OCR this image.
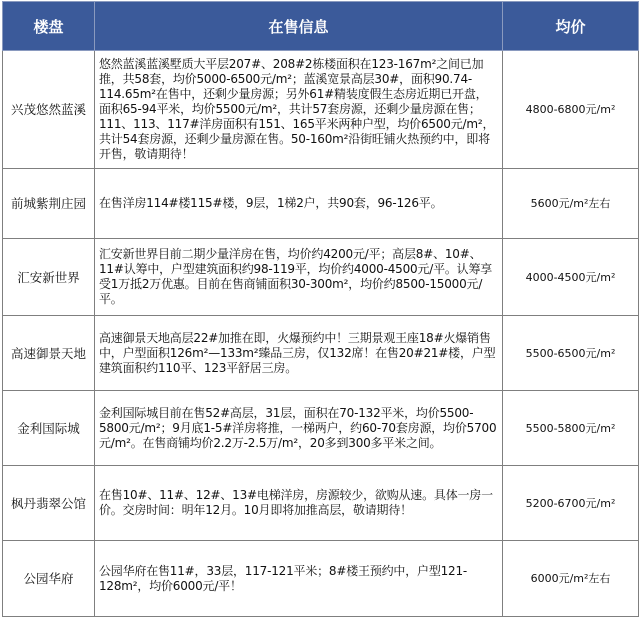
楼盘	在售信息	均价
兴茂悠然蓝溪	悠然蓝溪蓝溪墅质大平层207#、208#2栋楼面积在123-167m²之间已加推，共58套，均价5000-6500元/m²；蓝溪宽景高层30#，面积90.74-114.65m²在售中，还剩少量房源；另外61#精装度假生态房近期已开盘，面积65-94平米，均价5500元/m²，共计57套房源，还剩少量房源在售；111、113、117#洋房面积有151、165平米两种户型，均价6500元/m²，共计54套房源，还剩少量房源在售。50-160m²沿街旺铺火热预约中，即将开售，敬请期待！	4800-6800元/m²
前城紫荆庄园	在售洋房114#楼115#楼，9层，1梯2户，共90套，96-126平。	5600元/m²左右
汇安新世界	汇安新世界目前二期少量洋房在售，均价约4200元/平；高层8#、10#、11#认筹中，户型建筑面积约98-119平，均价约4000-4500元/平。认筹享受1万抵2万优惠。目前在售商铺面积30-300m²，均价约8500-15000元/平。	4000-4500元/m²
高速御景天地	高速御景天地高层22#加推在即，火爆预约中！三期景观王座18#火爆销售中，户型面积126m²—133m²臻品三房，仅132席！在售20#21#楼，户型建筑面积约110平、123平舒居三房。	5500-6500元/m²
金利国际城	金利国际城目前在售52#高层，31层，面积在70-132平米，均价5500-5800元/m²；9月底1-5#洋房将推，一梯两户，约60-70套房源，均价5700元/m²。在售商铺均价2.2万-2.5万/m²，20多到300多平米之间。	5500-5800元/m²
枫丹翡翠公馆	在售10#、11#、12#、13#电梯洋房，房源较少，欲购从速。具体一房一价。交房时间：明年12月。10月即将加推高层，敬请期待！	5200-6700元/m²
公园华府	公园华府在售11#，33层，117-121平米；8#楼王预约中，户型121-128m²，均价6000元/平！	6000元/m²左右
